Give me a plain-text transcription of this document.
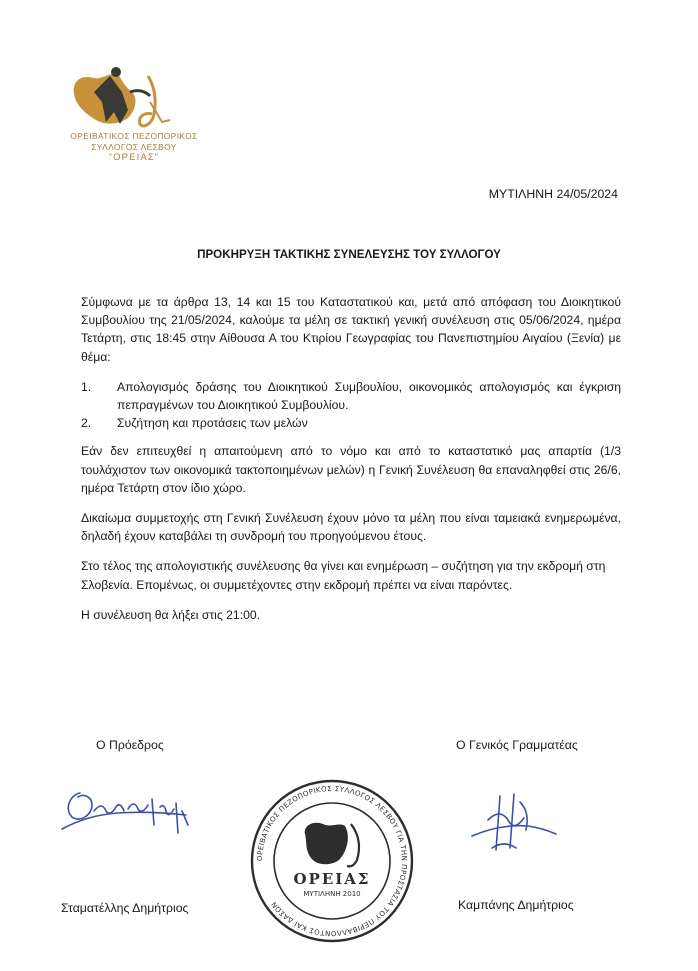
ΟΡΕΙΒΑΤΙΚΟΣ ΠΕΖΟΠΟΡΙΚΟΣ
ΣΥΛΛΟΓΟΣ ΛΕΣΒΟΥ
“ΟΡΕΙΑΣ”
ΜΥΤΙΛΗΝΗ 24/05/2024
ΠΡΟΚΗΡΥΞΗ ΤΑΚΤΙΚΗΣ ΣΥΝΕΛΕΥΣΗΣ ΤΟΥ ΣΥΛΛΟΓΟΥ

Σύμφωνα με τα άρθρα 13, 14 και 15 του Καταστατικού και, μετά από απόφαση του Διοικητικού Συμβουλίου της 21/05/2024, καλούμε τα μέλη σε τακτική γενική συνέλευση στις 05/06/2024, ημέρα Τετάρτη, στις 18:45 στην Αίθουσα Α του Κτιρίου Γεωγραφίας του Πανεπιστημίου Αιγαίου (Ξενία) με θέμα:

1. Απολογισμός δράσης του Διοικητικού Συμβουλίου, οικονομικός απολογισμός και έγκριση πεπραγμένων του Διοικητικού Συμβουλίου.
2. Συζήτηση και προτάσεις των μελών

Εάν δεν επιτευχθεί η απαιτούμενη από το νόμο και από το καταστατικό μας απαρτία (1/3 τουλάχιστον των οικονομικά τακτοποιημένων μελών) η Γενική Συνέλευση θα επαναληφθεί στις 26/6, ημέρα Τετάρτη στον ίδιο χώρο.

Δικαίωμα συμμετοχής στη Γενική Συνέλευση έχουν μόνο τα μέλη που είναι ταμειακά ενημερωμένα, δηλαδή έχουν καταβάλει τη συνδρομή του προηγούμενου έτους.

Στο τέλος της απολογιστικής συνέλευσης θα γίνει και ενημέρωση – συζήτηση για την εκδρομή στη Σλοβενία. Επομένως, οι συμμετέχοντες στην εκδρομή πρέπει να είναι παρόντες.

Η συνέλευση θα λήξει στις 21:00.

Ο Πρόεδρος	Ο Γενικός Γραμματέας
ΟΡΕΙΒΑΤΙΚΟΣ ΠΕΖΟΠΟΡΙΚΟΣ ΣΥΛΛΟΓΟΣ ΛΕΣΒΟΥ ΓΙΑ ΤΗΝ ΠΡΟΣΤΑΣΙΑ ΤΟΥ ΠΕΡΙΒΑΛΛΟΝΤΟΣ ΚΑΙ ΔΑΣΩΝ
ΟΡΕΙΑΣ
ΜΥΤΙΛΗΝΗ 2010
Σταματέλλης Δημήτριος	Καμπάνης Δημήτριος
